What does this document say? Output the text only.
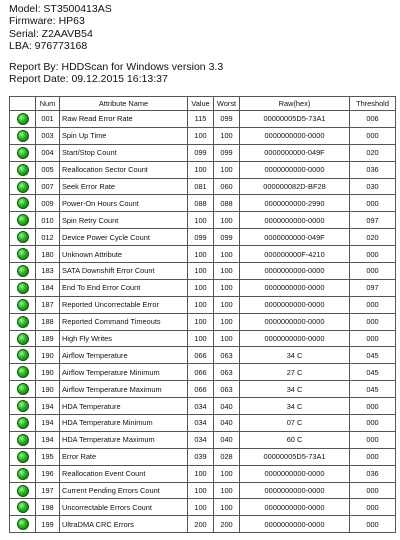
Model: ST3500413AS
Firmware: HP63
Serial: Z2AAVB54
LBA: 976773168
Report By: HDDScan for Windows version 3.3
Report Date: 09.12.2015 16:13:37
	Num	Attribute Name	Value	Worst	Raw(hex)	Threshold
	001	Raw Read Error Rate	115	099	00000005D5-73A1	006
	003	Spin Up Time	100	100	0000000000-0000	000
	004	Start/Stop Count	099	099	0000000000-049F	020
	005	Reallocation Sector Count	100	100	0000000000-0000	036
	007	Seek Error Rate	081	060	000000082D-BF28	030
	009	Power-On Hours Count	088	088	0000000000-2990	000
	010	Spin Retry Count	100	100	0000000000-0000	097
	012	Device Power Cycle Count	099	099	0000000000-049F	020
	180	Unknown Attribute	100	100	000000000F-4210	000
	183	SATA Downshift Error Count	100	100	0000000000-0000	000
	184	End To End Error Count	100	100	0000000000-0000	097
	187	Reported Uncorrectable Error	100	100	0000000000-0000	000
	188	Reported Command Timeouts	100	100	0000000000-0000	000
	189	High Fly Writes	100	100	0000000000-0000	000
	190	Airflow Temperature	066	063	34 C	045
	190	Airflow Temperature Minimum	066	063	27 C	045
	190	Airflow Temperature Maximum	066	063	34 C	045
	194	HDA Temperature	034	040	34 C	000
	194	HDA Temperature Minimum	034	040	07 C	000
	194	HDA Temperature Maximum	034	040	60 C	000
	195	Error Rate	039	028	00000005D5-73A1	000
	196	Reallocation Event Count	100	100	0000000000-0000	036
	197	Current Pending Errors Count	100	100	0000000000-0000	000
	198	Uncorrectable Errors Count	100	100	0000000000-0000	000
	199	UltraDMA CRC Errors	200	200	0000000000-0000	000
